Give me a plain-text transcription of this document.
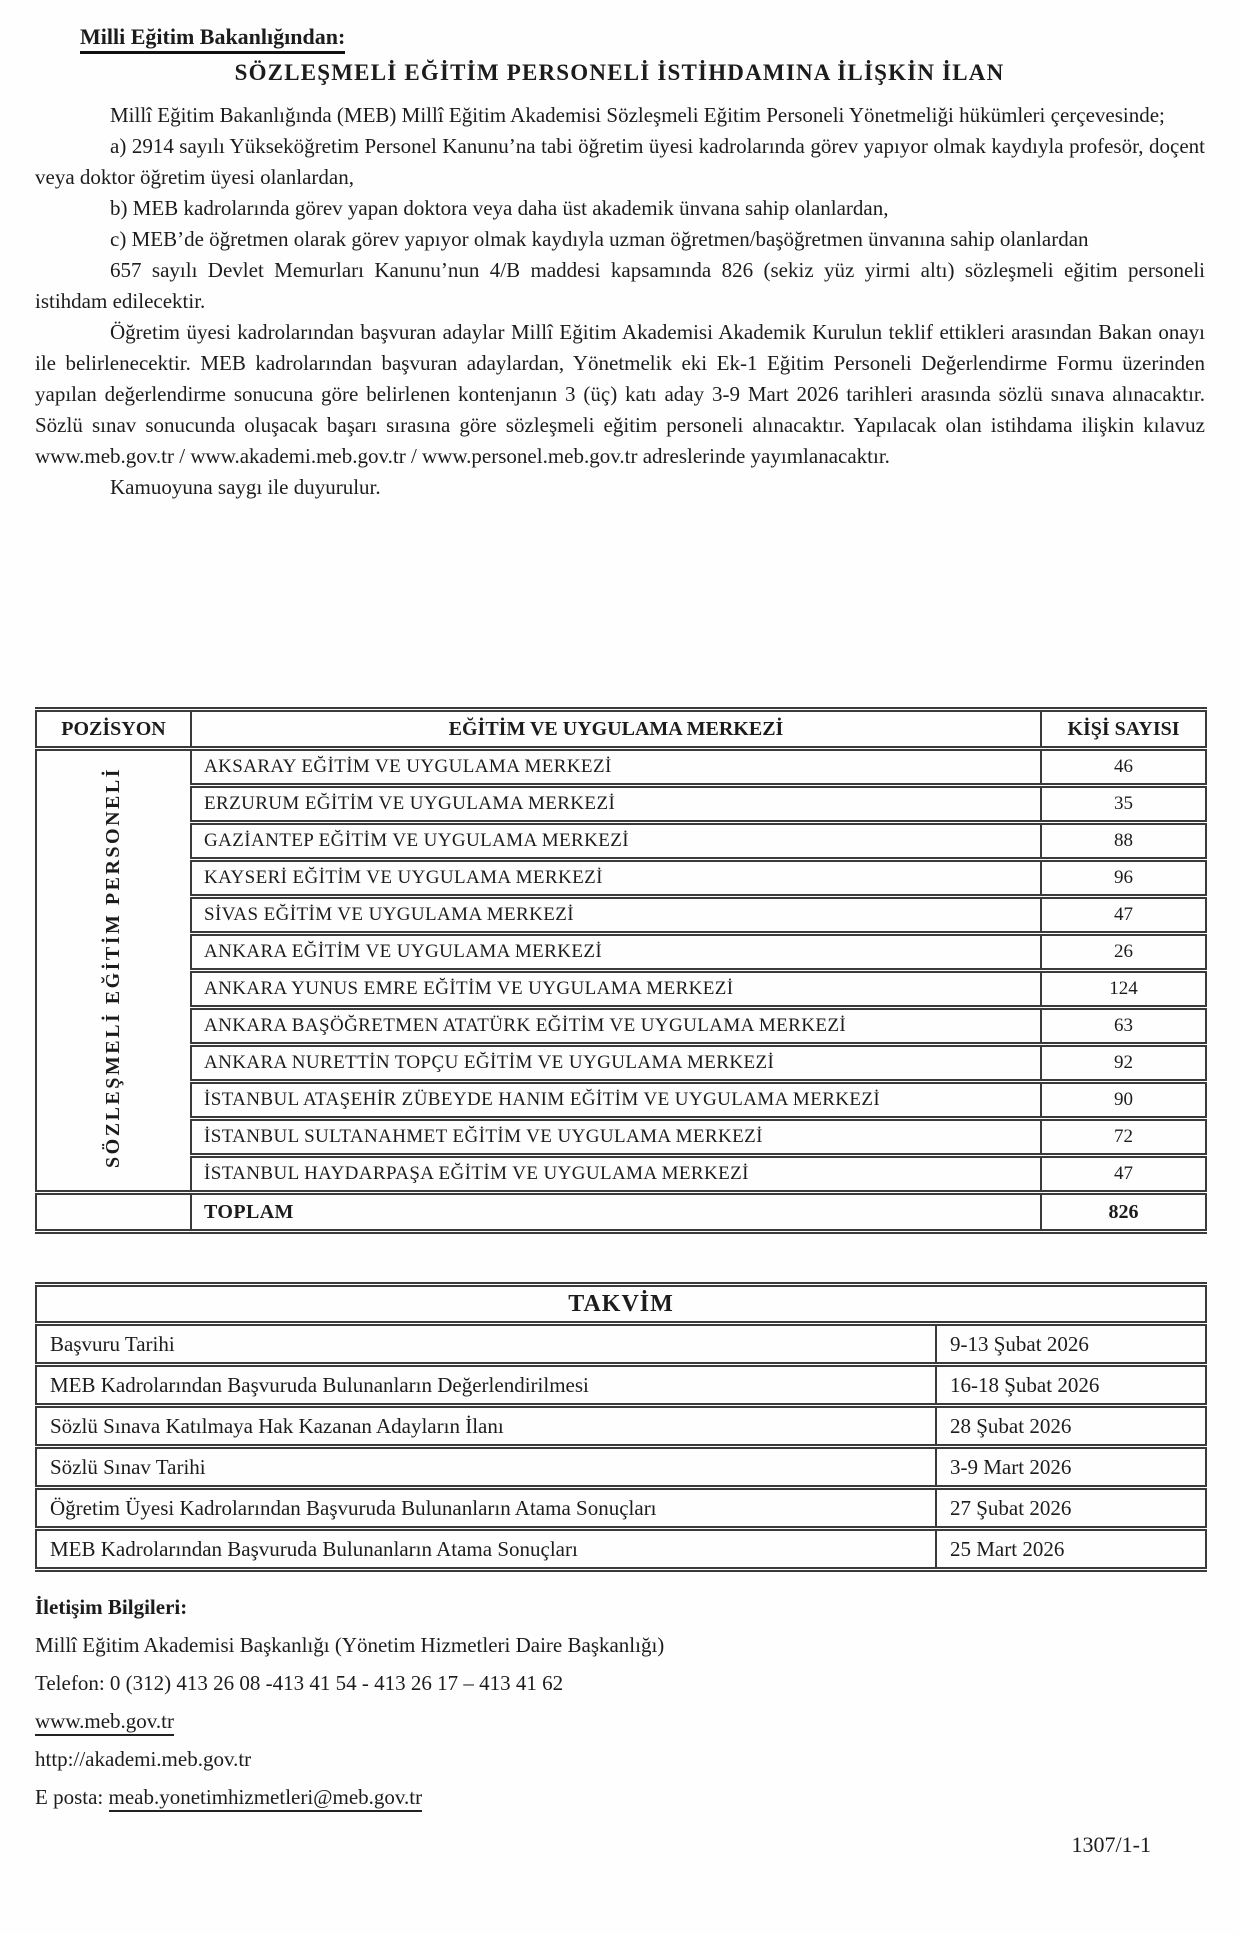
Milli Eğitim Bakanlığından:
SÖZLEŞMELİ EĞİTİM PERSONELİ İSTİHDAMINA İLİŞKİN İLAN

Millî Eğitim Bakanlığında (MEB) Millî Eğitim Akademisi Sözleşmeli Eğitim Personeli Yönetmeliği hükümleri çerçevesinde;

a) 2914 sayılı Yükseköğretim Personel Kanunu’na tabi öğretim üyesi kadrolarında görev yapıyor olmak kaydıyla profesör, doçent veya doktor öğretim üyesi olanlardan,

b) MEB kadrolarında görev yapan doktora veya daha üst akademik ünvana sahip olanlardan,

c) MEB’de öğretmen olarak görev yapıyor olmak kaydıyla uzman öğretmen/başöğretmen ünvanına sahip olanlardan

657 sayılı Devlet Memurları Kanunu’nun 4/B maddesi kapsamında 826 (sekiz yüz yirmi altı) sözleşmeli eğitim personeli istihdam edilecektir.

Öğretim üyesi kadrolarından başvuran adaylar Millî Eğitim Akademisi Akademik Kurulun teklif ettikleri arasından Bakan onayı ile belirlenecektir. MEB kadrolarından başvuran adaylardan, Yönetmelik eki Ek-1 Eğitim Personeli Değerlendirme Formu üzerinden yapılan değerlendirme sonucuna göre belirlenen kontenjanın 3 (üç) katı aday 3-9 Mart 2026 tarihleri arasında sözlü sınava alınacaktır. Sözlü sınav sonucunda oluşacak başarı sırasına göre sözleşmeli eğitim personeli alınacaktır. Yapılacak olan istihdama ilişkin kılavuz www.meb.gov.tr / www.akademi.meb.gov.tr / www.personel.meb.gov.tr adreslerinde yayımlanacaktır.

Kamuoyuna saygı ile duyurulur.

POZİSYON	EĞİTİM VE UYGULAMA MERKEZİ	KİŞİ SAYISI
SÖZLEŞMELİ EĞİTİM PERSONELİ	AKSARAY EĞİTİM VE UYGULAMA MERKEZİ	46
	ERZURUM EĞİTİM VE UYGULAMA MERKEZİ	35
	GAZİANTEP EĞİTİM VE UYGULAMA MERKEZİ	88
	KAYSERİ EĞİTİM VE UYGULAMA MERKEZİ	96
	SİVAS EĞİTİM VE UYGULAMA MERKEZİ	47
	ANKARA EĞİTİM VE UYGULAMA MERKEZİ	26
	ANKARA YUNUS EMRE EĞİTİM VE UYGULAMA MERKEZİ	124
	ANKARA BAŞÖĞRETMEN ATATÜRK EĞİTİM VE UYGULAMA MERKEZİ	63
	ANKARA NURETTİN TOPÇU EĞİTİM VE UYGULAMA MERKEZİ	92
	İSTANBUL ATAŞEHİR ZÜBEYDE HANIM EĞİTİM VE UYGULAMA MERKEZİ	90
	İSTANBUL SULTANAHMET EĞİTİM VE UYGULAMA MERKEZİ	72
	İSTANBUL HAYDARPAŞA EĞİTİM VE UYGULAMA MERKEZİ	47
	TOPLAM	826
TAKVİM	
Başvuru Tarihi	9-13 Şubat 2026
MEB Kadrolarından Başvuruda Bulunanların Değerlendirilmesi	16-18 Şubat 2026
Sözlü Sınava Katılmaya Hak Kazanan Adayların İlanı	28 Şubat 2026
Sözlü Sınav Tarihi	3-9 Mart 2026
Öğretim Üyesi Kadrolarından Başvuruda Bulunanların Atama Sonuçları	27 Şubat 2026
MEB Kadrolarından Başvuruda Bulunanların Atama Sonuçları	25 Mart 2026
İletişim Bilgileri:
Millî Eğitim Akademisi Başkanlığı (Yönetim Hizmetleri Daire Başkanlığı)
Telefon: 0 (312) 413 26 08 -413 41 54 - 413 26 17 – 413 41 62
www.meb.gov.tr
http://akademi.meb.gov.tr
E posta: meab.yonetimhizmetleri@meb.gov.tr
1307/1-1
